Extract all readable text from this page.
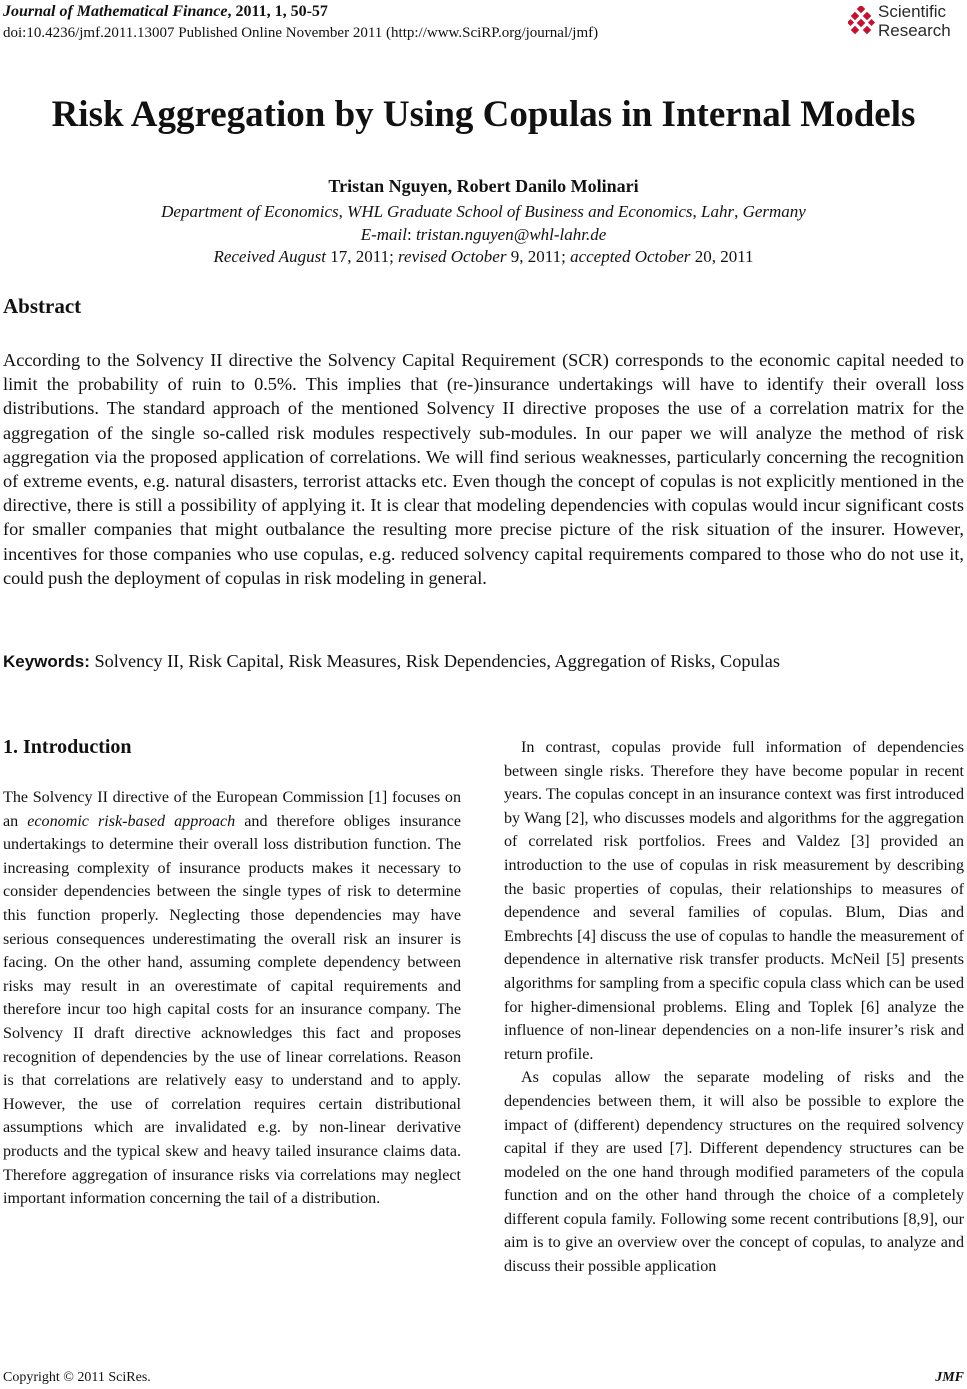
Journal of Mathematical Finance, 2011, 1, 50-57
doi:10.4236/jmf.2011.13007 Published Online November 2011 (http://www.SciRP.org/journal/jmf)
Scientific
Research
Risk Aggregation by Using Copulas in Internal Models
Tristan Nguyen, Robert Danilo Molinari
Department of Economics, WHL Graduate School of Business and Economics, Lahr, Germany
E-mail: tristan.nguyen@whl-lahr.de
Received August 17, 2011; revised October 9, 2011; accepted October 20, 2011
Abstract
According to the Solvency II directive the Solvency Capital Requirement (SCR) corresponds to the economic capital needed to limit the probability of ruin to 0.5%. This implies that (re-)insurance undertakings will have to identify their overall loss distributions. The standard approach of the mentioned Solvency II directive proposes the use of a correlation matrix for the aggregation of the single so-called risk modules respectively sub-modules. In our paper we will analyze the method of risk aggregation via the proposed application of correlations. We will find serious weaknesses, particularly concerning the recognition of extreme events, e.g. natural disasters, terrorist attacks etc. Even though the concept of copulas is not explicitly mentioned in the directive, there is still a possibility of applying it. It is clear that modeling dependencies with copulas would incur significant costs for smaller companies that might outbalance the resulting more precise picture of the risk situation of the insurer. However, incentives for those companies who use copulas, e.g. reduced solvency capital requirements compared to those who do not use it, could push the deployment of copulas in risk modeling in general.
Keywords: Solvency II, Risk Capital, Risk Measures, Risk Dependencies, Aggregation of Risks, Copulas
1. Introduction

The Solvency II directive of the European Commission [1] focuses on an economic risk-based approach and therefore obliges insurance undertakings to determine their overall loss distribution function. The increasing complexity of insurance products makes it necessary to consider dependencies between the single types of risk to determine this function properly. Neglecting those dependencies may have serious consequences underestimating the overall risk an insurer is facing. On the other hand, assuming complete dependency between risks may result in an overestimate of capital requirements and therefore incur too high capital costs for an insurance company. The Solvency II draft directive acknowledges this fact and proposes recognition of dependencies by the use of linear correlations. Reason is that correlations are relatively easy to understand and to apply. However, the use of correlation requires certain distributional assumptions which are invalidated e.g. by non-linear derivative products and the typical skew and heavy tailed insurance claims data. Therefore aggregation of insurance risks via correlations may neglect important information concerning the tail of a distribution.

In contrast, copulas provide full information of dependencies between single risks. Therefore they have become popular in recent years. The copulas concept in an insurance context was first introduced by Wang [2], who discusses models and algorithms for the aggregation of correlated risk portfolios. Frees and Valdez [3] provided an introduction to the use of copulas in risk measurement by describing the basic properties of copulas, their relationships to measures of dependence and several families of copulas. Blum, Dias and Embrechts [4] discuss the use of copulas to handle the measurement of dependence in alternative risk transfer products. McNeil [5] presents algorithms for sampling from a specific copula class which can be used for higher-dimensional problems. Eling and Toplek [6] analyze the influence of non-linear dependencies on a non-life insurer’s risk and return profile.

As copulas allow the separate modeling of risks and the dependencies between them, it will also be possible to explore the impact of (different) dependency structures on the required solvency capital if they are used [7]. Different dependency structures can be modeled on the one hand through modified parameters of the copula function and on the other hand through the choice of a completely different copula family. Following some recent contributions [8,9], our aim is to give an overview over the concept of copulas, to analyze and discuss their possible application

Copyright © 2011 SciRes.	JMF
